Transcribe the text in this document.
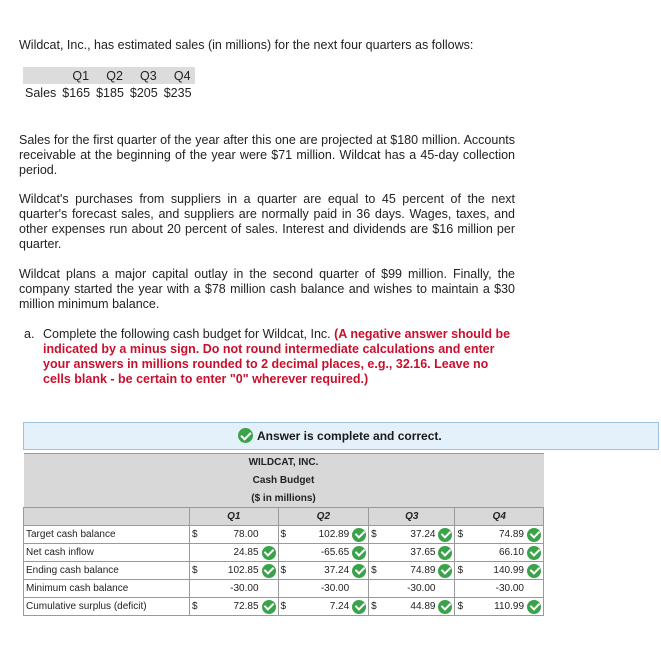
Wildcat, Inc., has estimated sales (in millions) for the next four quarters as follows:
	Q1	Q2	Q3	Q4
Sales	$165	$185	$205	$235

Sales for the first quarter of the year after this one are projected at $180 million. Accounts receivable at the beginning of the year were $71 million. Wildcat has a 45-day collection period.

Wildcat's purchases from suppliers in a quarter are equal to 45 percent of the next quarter's forecast sales, and suppliers are normally paid in 36 days. Wages, taxes, and other expenses run about 20 percent of sales. Interest and dividends are $16 million per quarter.

Wildcat plans a major capital outlay in the second quarter of $99 million. Finally, the company started the year with a $78 million cash balance and wishes to maintain a $30 million minimum balance.

a. Complete the following cash budget for Wildcat, Inc. (A negative answer should be indicated by a minus sign. Do not round intermediate calculations and enter your answers in millions rounded to 2 decimal places, e.g., 32.16. Leave no cells blank - be certain to enter "0" wherever required.)
Answer is complete and correct.
WILDCAT, INC.								
Cash Budget								
($ in millions)								
	Q1		Q2		Q3		Q4	
Target cash balance	$	78.00	$	102.89	$	37.24	$	74.89

Net cash inflow		24.85		-65.65		37.65		66.10

Ending cash balance	$	102.85	$	37.24	$	74.89	$	140.99

Minimum cash balance		-30.00		-30.00		-30.00		-30.00

Cumulative surplus (deficit)	$	72.85	$	7.24	$	44.89	$	110.99
